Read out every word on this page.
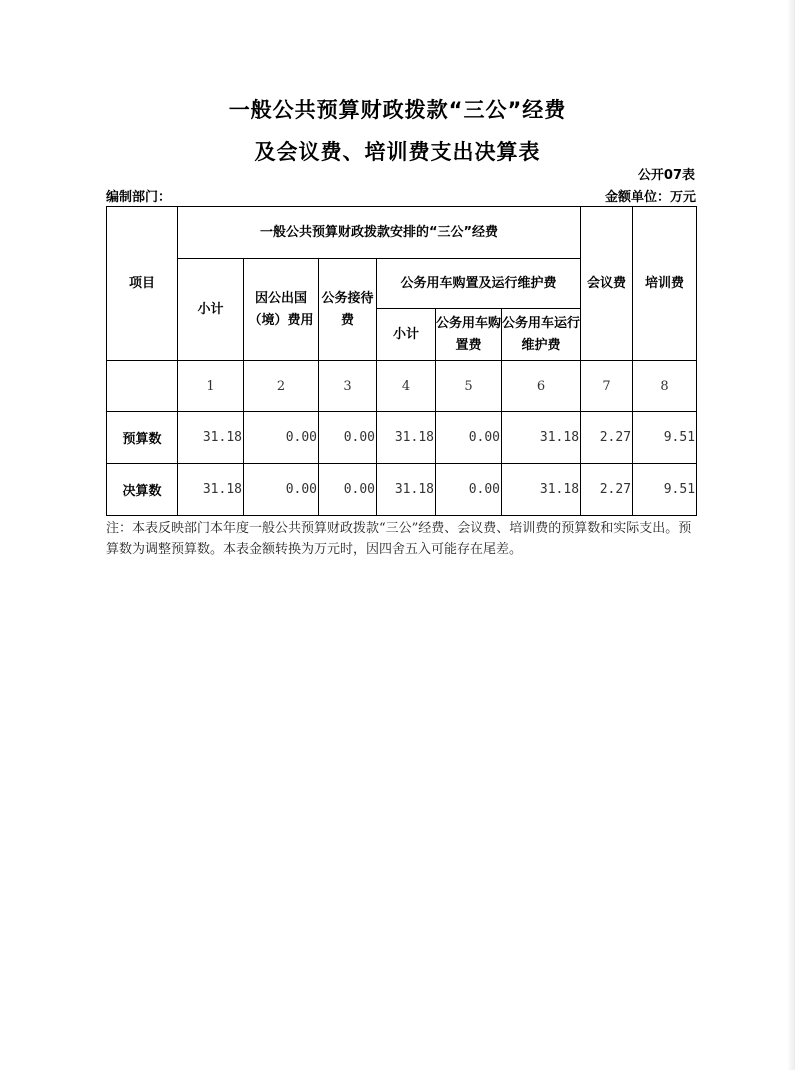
一般公共预算财政拨款“三公”经费
及会议费、培训费支出决算表
公开07表
编制部门：	金额单位：万元
项目	一般公共预算财政拨款安排的“三公”经费						会议费	培训费
	小计	因公出国（境）费用	公务接待费	公务用车购置及运行维护费				
				小计	公务用车购置费	公务用车运行维护费		
	1	2	3	4	5	6	7	8
预算数	31.18	0.00	0.00	31.18	0.00	31.18	2.27	9.51
决算数	31.18	0.00	0.00	31.18	0.00	31.18	2.27	9.51
注：本表反映部门本年度一般公共预算财政拨款“三公”经费、会议费、培训费的预算数和实际支出。预算数为调整预算数。本表金额转换为万元时，因四舍五入可能存在尾差。
